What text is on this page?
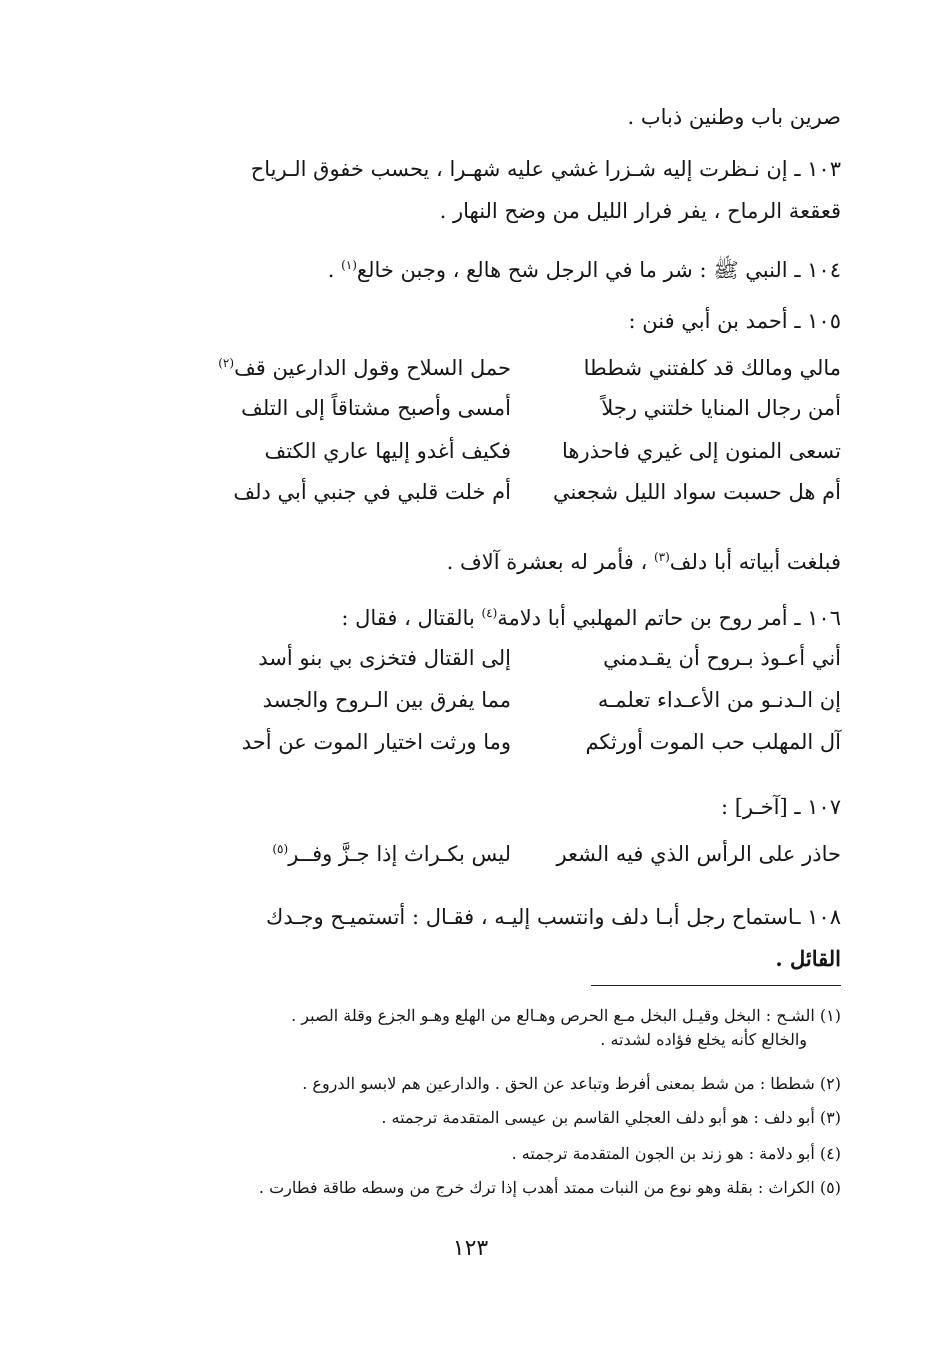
صرين باب وطنين ذباب .

١٠٣ ـ إن نـظرت إليه شـزرا غشي عليه شهـرا ، يحسب خفوق الـرياح
قعقعة الرماح ، يفر فرار الليل من وضح النهار .

١٠٤ ـ النبي ﷺ : شر ما في الرجل شح هالع ، وجبن خالع$^{(١)}$ .

١٠٥ ـ أحمد بن أبي فنن :

مالي ومالك قد كلفتني شططا
حمل السلاح وقول الدارعين قف$^{(٢)}$
أمن رجال المنايا خلتني رجلاً
أمسى وأصبح مشتاقاً إلى التلف
تسعى المنون إلى غيري فاحذرها
فكيف أغدو إليها عاري الكتف
أم هل حسبت سواد الليل شجعني
أم خلت قلبي في جنبي أبي دلف

فبلغت أبياته أبا دلف$^{(٣)}$ ، فأمر له بعشرة آلاف .

١٠٦ ـ أمر روح بن حاتم المهلبي أبا دلامة$^{(٤)}$ بالقتال ، فقال :

أني أعـوذ بـروح أن يقـدمني
إلى القتال فتخزى بي بنو أسد
إن الـدنـو من الأعـداء تعلمـه
مما يفرق بين الـروح والجسد
آل المهلب حب الموت أورثكم
وما ورثت اختيار الموت عن أحد

١٠٧ ـ [آخـر] :

حاذر على الرأس الذي فيه الشعر
ليس بكـراث إذا جـزَّ وفــر$^{(٥)}$

١٠٨ ـاستماح رجل أبـا دلف وانتسب إليـه ، فقـال : أتستميـح وجـدك
القائل .

(١) الشـح : البخل وقيـل البخل مـع الحرص وهـالع من الهلع وهـو الجزع وقلة الصبر .
والخالع كأنه يخلع فؤاده لشدته .
(٢) شططا : من شط بمعنى أفرط وتباعد عن الحق . والدارعين هم لابسو الدروع .
(٣) أبو دلف : هو أبو دلف العجلي القاسم بن عيسى المتقدمة ترجمته .
(٤) أبو دلامة : هو زند بن الجون المتقدمة ترجمته .
(٥) الكراث : بقلة وهو نوع من النبات ممتد أهدب إذا ترك خرج من وسطه طاقة فطارت .
١٢٣
